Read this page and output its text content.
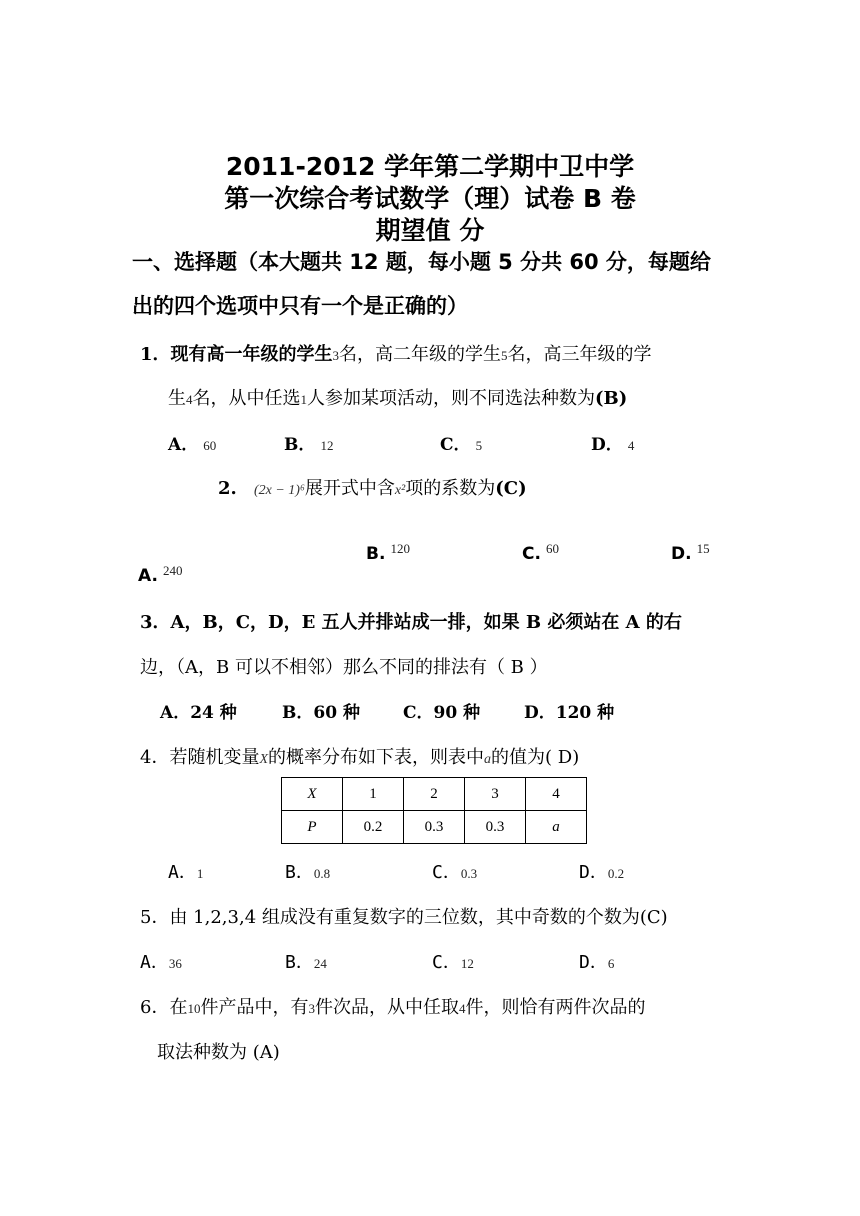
2011-2012 学年第二学期中卫中学
第一次综合考试数学（理）试卷 B 卷
期望值 分
一、选择题（本大题共 12 题，每小题 5 分共 60 分，每题给
出的四个选项中只有一个是正确的）
1．现有高一年级的学生3名，高二年级的学生5名，高三年级的学
生4名，从中任选1人参加某项活动，则不同选法种数为(B)
A． 60	B． 12	C． 5	D． 4
2. (2x − 1)⁶展开式中含x²项的系数为(C)
A. $^{240}$
B. $^{120}$	C. $^{60}$	D. $^{15}$
3．A，B，C，D，E 五人并排站成一排，如果 B 必须站在 A 的右
边，（A，B 可以不相邻）那么不同的排法有（ B ）
A．24 种	B．60 种	C．90 种	D．120 种
4．若随机变量X的概率分布如下表，则表中a的值为( D)
X	1	2	3	4
P	0.2	0.3	0.3	a
A．1	B．0.8	C．0.3	D．0.2
5．由 1,2,3,4 组成没有重复数字的三位数，其中奇数的个数为(C)
A．36	B．24	C．12	D．6
6．在10件产品中，有3件次品，从中任取4件，则恰有两件次品的
取法种数为 (A)
